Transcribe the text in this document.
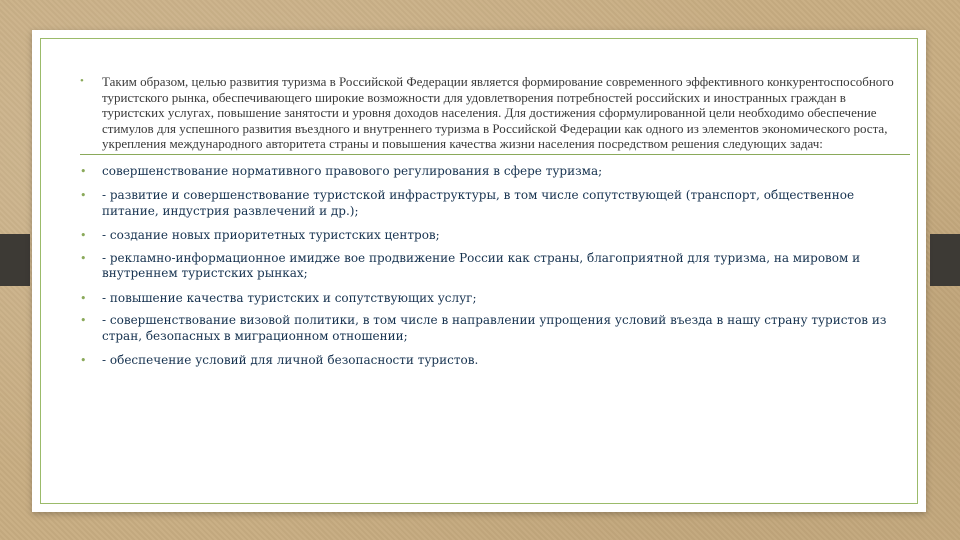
• Таким образом, целью развития туризма в Российской Федерации является формирование современного эффективного конкурентоспособного туристского рынка, обеспечивающего широкие возможности для удовлетворения потребностей российских и иностранных граждан в туристских услугах, повышение занятости и уровня доходов населения. Для достижения сформулированной цели необходимо обеспечение стимулов для успешного развития въездного и внутреннего туризма в Российской Федерации как одного из элементов экономического роста, укрепления международного авторитета страны и повышения качества жизни населения посредством решения следующих задач:
• совершенствование нормативного правового регулирования в сфере туризма;
• - развитие и совершенствование туристской инфраструктуры, в том числе сопутствующей (транспорт, общественное питание, индустрия развлечений и др.);
• - создание новых приоритетных туристских центров;
• - рекламно-информационное имидже вое продвижение России как страны, благоприятной для туризма, на мировом и внутреннем туристских рынках;
• - повышение качества туристских и сопутствующих услуг;
• - совершенствование визовой политики, в том числе в направлении упрощения условий въезда в нашу страну туристов из стран, безопасных в миграционном отношении;
• - обеспечение условий для личной безопасности туристов.
